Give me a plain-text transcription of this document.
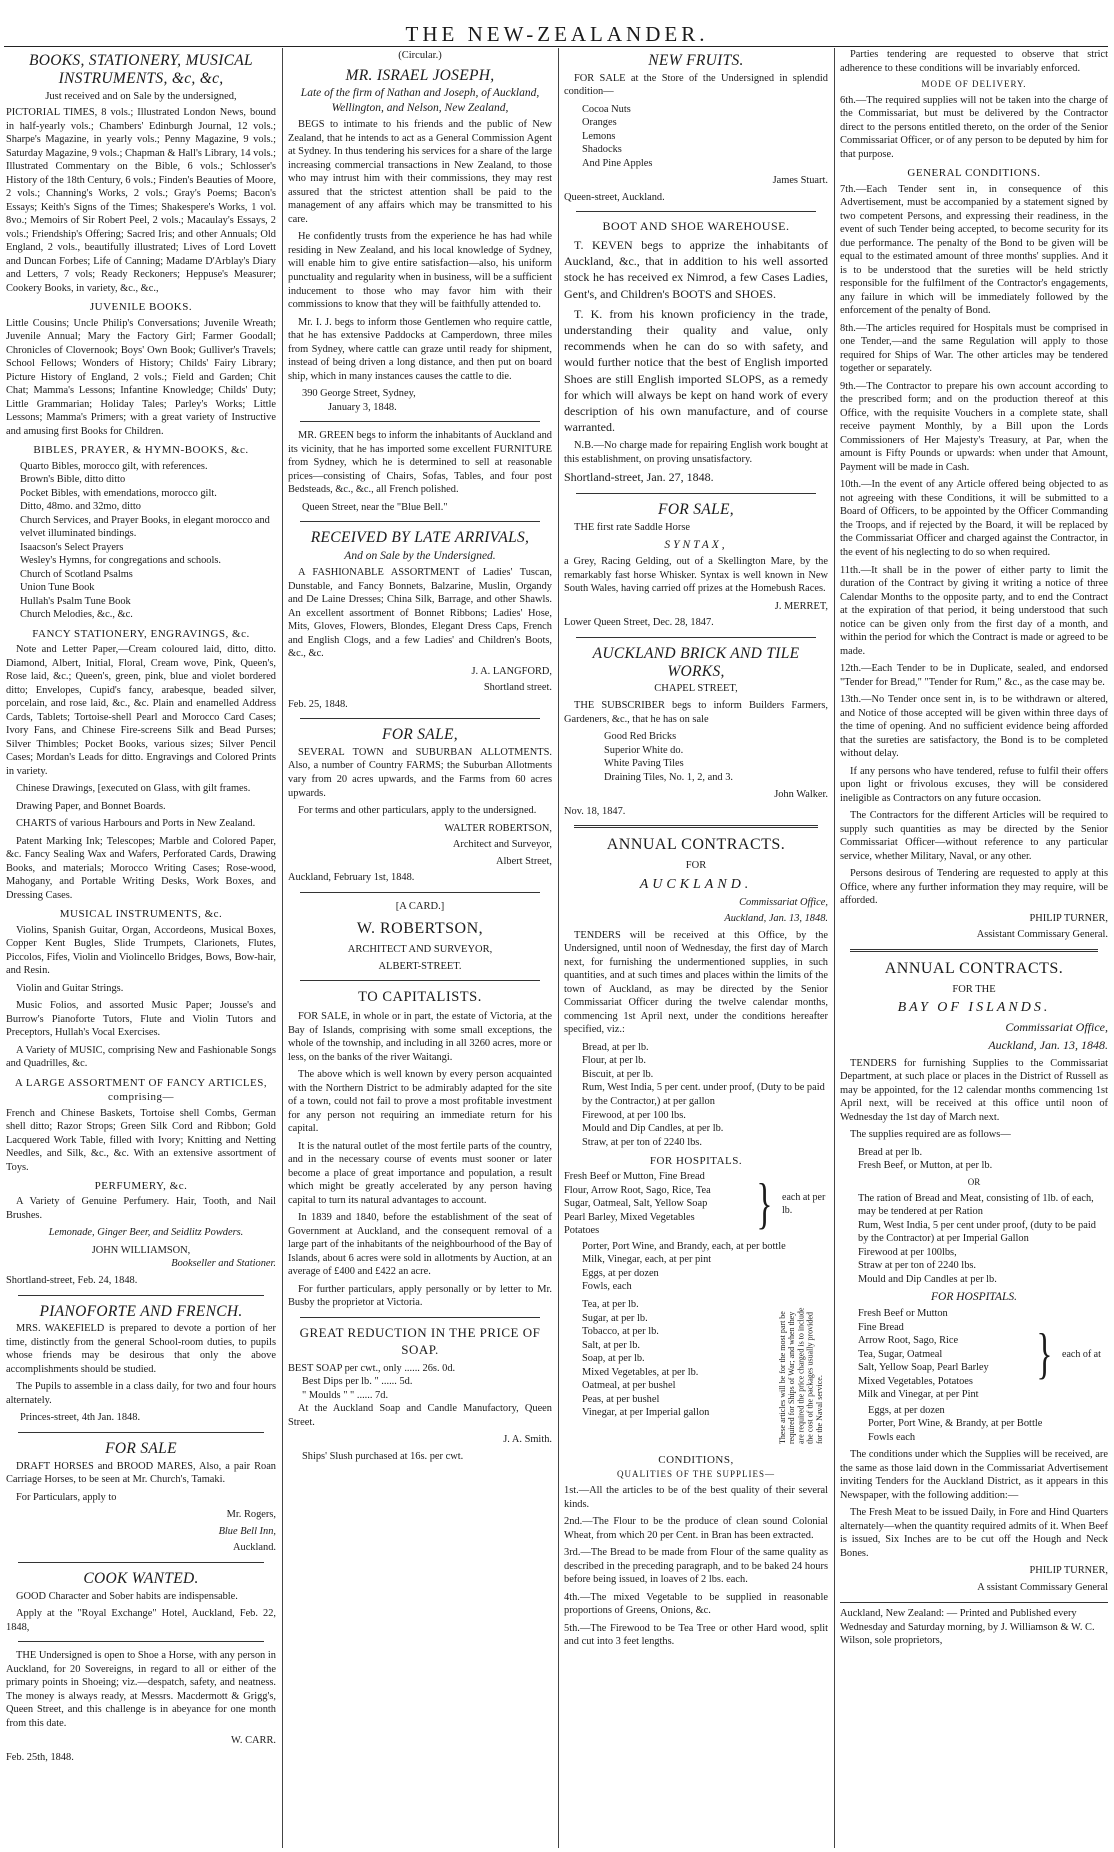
THE NEW-ZEALANDER.
BOOKS, STATIONERY, MUSICAL INSTRUMENTS, &c, &c,
Just received and on Sale by the undersigned,

PICTORIAL TIMES, 8 vols.; Illustrated London News, bound in half-yearly vols.; Chambers' Edinburgh Journal, 12 vols.; Sharpe's Magazine, in yearly vols.; Penny Magazine, 9 vols.; Saturday Magazine, 9 vols.; Chapman & Hall's Library, 14 vols.; Illustrated Commentary on the Bible, 6 vols.; Schlosser's History of the 18th Century, 6 vols.; Finden's Beauties of Moore, 2 vols.; Channing's Works, 2 vols.; Gray's Poems; Bacon's Essays; Keith's Signs of the Times; Shakespere's Works, 1 vol. 8vo.; Memoirs of Sir Robert Peel, 2 vols.; Macaulay's Essays, 2 vols.; Friendship's Offering; Sacred Iris; and other Annuals; Old England, 2 vols., beautifully illustrated; Lives of Lord Lovett and Duncan Forbes; Life of Canning; Madame D'Arblay's Diary and Letters, 7 vols; Ready Reckoners; Heppuse's Measurer; Cookery Books, in variety, &c., &c.,

JUVENILE BOOKS.

Little Cousins; Uncle Philip's Conversations; Juvenile Wreath; Juvenile Annual; Mary the Factory Girl; Farmer Goodall; Chronicles of Clovernook; Boys' Own Book; Gulliver's Travels; School Fellows; Wonders of History; Childs' Fairy Library; Picture History of England, 2 vols.; Field and Garden; Chit Chat; Mamma's Lessons; Infantine Knowledge; Childs' Duty; Little Grammarian; Holiday Tales; Parley's Works; Little Lessons; Mamma's Primers; with a great variety of Instructive and amusing first Books for Children.

BIBLES, PRAYER, & HYMN-BOOKS, &c.
Quarto Bibles, morocco gilt, with references.
Brown's Bible, ditto ditto
Pocket Bibles, with emendations, morocco gilt.
Ditto, 48mo. and 32mo, ditto
Church Services, and Prayer Books, in elegant morocco and velvet illuminated bindings.
Isaacson's Select Prayers
Wesley's Hymns, for congregations and schools.
Church of Scotland Psalms
Union Tune Book
Hullah's Psalm Tune Book
Church Melodies, &c., &c.
FANCY STATIONERY, ENGRAVINGS, &c.

Note and Letter Paper,—Cream coloured laid, ditto, ditto. Diamond, Albert, Initial, Floral, Cream wove, Pink, Queen's, Rose laid, &c.; Queen's, green, pink, blue and violet bordered ditto; Envelopes, Cupid's fancy, arabesque, beaded silver, porcelain, and rose laid, &c., &c. Plain and enamelled Address Cards, Tablets; Tortoise-shell Pearl and Morocco Card Cases; Ivory Fans, and Chinese Fire-screens Silk and Bead Purses; Silver Thimbles; Pocket Books, various sizes; Silver Pencil Cases; Mordan's Leads for ditto. Engravings and Colored Prints in variety.

Chinese Drawings, [executed on Glass, with gilt frames.

Drawing Paper, and Bonnet Boards.

CHARTS of various Harbours and Ports in New Zealand.

Patent Marking Ink; Telescopes; Marble and Colored Paper, &c. Fancy Sealing Wax and Wafers, Perforated Cards, Drawing Books, and materials; Morocco Writing Cases; Rose-wood, Mahogany, and Portable Writing Desks, Work Boxes, and Dressing Cases.

MUSICAL INSTRUMENTS, &c.

Violins, Spanish Guitar, Organ, Accordeons, Musical Boxes, Copper Kent Bugles, Slide Trumpets, Clarionets, Flutes, Piccolos, Fifes, Violin and Violincello Bridges, Bows, Bow-hair, and Resin.

Violin and Guitar Strings.

Music Folios, and assorted Music Paper; Jousse's and Burrow's Pianoforte Tutors, Flute and Violin Tutors and Preceptors, Hullah's Vocal Exercises.

A Variety of MUSIC, comprising New and Fashionable Songs and Quadrilles, &c.

A LARGE ASSORTMENT OF FANCY ARTICLES, comprising—

French and Chinese Baskets, Tortoise shell Combs, German shell ditto; Razor Strops; Green Silk Cord and Ribbon; Gold Lacquered Work Table, filled with Ivory; Knitting and Netting Needles, and Silk, &c., &c. With an extensive assortment of Toys.

PERFUMERY, &c.

A Variety of Genuine Perfumery. Hair, Tooth, and Nail Brushes.

Lemonade, Ginger Beer, and Seidlitz Powders.

JOHN WILLIAMSON,
Bookseller and Stationer.
Shortland-street, Feb. 24, 1848.
PIANOFORTE AND FRENCH.

MRS. WAKEFIELD is prepared to devote a portion of her time, distinctly from the general School-room duties, to pupils whose friends may be desirous that only the above accomplishments should be studied.

The Pupils to assemble in a class daily, for two and four hours alternately.

Princes-street, 4th Jan. 1848.
FOR SALE

DRAFT HORSES and BROOD MARES, Also, a pair Roan Carriage Horses, to be seen at Mr. Church's, Tamaki.

For Particulars, apply to

Mr. Rogers,
Blue Bell Inn,
Auckland.
COOK WANTED.

GOOD Character and Sober habits are indispensable.

Apply at the "Royal Exchange" Hotel, Auckland, Feb. 22, 1848,

THE Undersigned is open to Shoe a Horse, with any person in Auckland, for 20 Sovereigns, in regard to all or either of the primary points in Shoeing; viz.—despatch, safety, and neatness. The money is always ready, at Messrs. Macdermott & Grigg's, Queen Street, and this challenge is in abeyance for one month from this date.

W. CARR.
Feb. 25th, 1848.
(Circular.)
MR. ISRAEL JOSEPH,
Late of the firm of Nathan and Joseph, of Auckland, Wellington, and Nelson, New Zealand,

BEGS to intimate to his friends and the public of New Zealand, that he intends to act as a General Commission Agent at Sydney. In thus tendering his services for a share of the large increasing commercial transactions in New Zealand, to those who may intrust him with their commissions, they may rest assured that the strictest attention shall be paid to the management of any affairs which may be transmitted to his care.

He confidently trusts from the experience he has had while residing in New Zealand, and his local knowledge of Sydney, will enable him to give entire satisfaction—also, his uniform punctuality and regularity when in business, will be a sufficient inducement to those who may favor him with their commissions to know that they will be faithfully attended to.

Mr. I. J. begs to inform those Gentlemen who require cattle, that he has extensive Paddocks at Camperdown, three miles from Sydney, where cattle can graze until ready for shipment, instead of being driven a long distance, and then put on board ship, which in many instances causes the cattle to die.

390 George Street, Sydney,
January 3, 1848.

MR. GREEN begs to inform the inhabitants of Auckland and its vicinity, that he has imported some excellent FURNITURE from Sydney, which he is determined to sell at reasonable prices—consisting of Chairs, Sofas, Tables, and four post Bedsteads, &c., &c., all French polished.

Queen Street, near the "Blue Bell."
RECEIVED BY LATE ARRIVALS,
And on Sale by the Undersigned.

A FASHIONABLE ASSORTMENT of Ladies' Tuscan, Dunstable, and Fancy Bonnets, Balzarine, Muslin, Organdy and De Laine Dresses; China Silk, Barrage, and other Shawls. An excellent assortment of Bonnet Ribbons; Ladies' Hose, Mits, Gloves, Flowers, Blondes, Elegant Dress Caps, French and English Clogs, and a few Ladies' and Children's Boots, &c., &c.

J. A. LANGFORD,
Shortland street.
Feb. 25, 1848.
FOR SALE,

SEVERAL TOWN and SUBURBAN ALLOTMENTS. Also, a number of Country FARMS; the Suburban Allotments vary from 20 acres upwards, and the Farms from 60 acres upwards.

For terms and other particulars, apply to the undersigned.

WALTER ROBERTSON,
Architect and Surveyor,
Albert Street,
Auckland, February 1st, 1848.
[A CARD.]
W. ROBERTSON,
ARCHITECT AND SURVEYOR,
ALBERT-STREET.
TO CAPITALISTS.

FOR SALE, in whole or in part, the estate of Victoria, at the Bay of Islands, comprising with some small exceptions, the whole of the township, and including in all 3260 acres, more or less, on the banks of the river Waitangi.

The above which is well known by every person acquainted with the Northern District to be admirably adapted for the site of a town, could not fail to prove a most profitable investment for any person not requiring an immediate return for his capital.

It is the natural outlet of the most fertile parts of the country, and in the necessary course of events must sooner or later become a place of great importance and population, a result which might be greatly accelerated by any person having capital to turn its natural advantages to account.

In 1839 and 1840, before the establishment of the seat of Government at Auckland, and the consequent removal of a large part of the inhabitants of the neighbourhood of the Bay of Islands, about 6 acres were sold in allotments by Auction, at an average of £400 and £422 an acre.

For further particulars, apply personally or by letter to Mr. Busby the proprietor at Victoria.

GREAT REDUCTION IN THE PRICE OF SOAP.
BEST SOAP per cwt., only ...... 26s. 0d.
Best Dips per lb. " ...... 5d.
" Moulds " " ...... 7d.

At the Auckland Soap and Candle Manufactory, Queen Street.

J. A. Smith.
Ships' Slush purchased at 16s. per cwt.
NEW FRUITS.

FOR SALE at the Store of the Undersigned in splendid condition—

Cocoa Nuts
Oranges
Lemons
Shadocks
And Pine Apples
James Stuart.
Queen-street, Auckland.
BOOT AND SHOE WAREHOUSE.

T. KEVEN begs to apprize the inhabitants of Auckland, &c., that in addition to his well assorted stock he has received ex Nimrod, a few Cases Ladies, Gent's, and Children's BOOTS and SHOES.

T. K. from his known proficiency in the trade, understanding their quality and value, only recommends when he can do so with safety, and would further notice that the best of English imported Shoes are still English imported SLOPS, as a remedy for which will always be kept on hand work of every description of his own manufacture, and of course warranted.

N.B.—No charge made for repairing English work bought at this establishment, on proving unsatisfactory.

Shortland-street, Jan. 27, 1848.
FOR SALE,

THE first rate Saddle Horse

SYNTAX,

a Grey, Racing Gelding, out of a Skellington Mare, by the remarkably fast horse Whisker. Syntax is well known in New South Wales, having carried off prizes at the Homebush Races.

J. MERRET,
Lower Queen Street, Dec. 28, 1847.
AUCKLAND BRICK AND TILE WORKS,
CHAPEL STREET,

THE SUBSCRIBER begs to inform Builders Farmers, Gardeners, &c., that he has on sale

Good Red Bricks
Superior White do.
White Paving Tiles
Draining Tiles, No. 1, 2, and 3.
John Walker.
Nov. 18, 1847.
ANNUAL CONTRACTS.
FOR
AUCKLAND.
Commissariat Office,
Auckland, Jan. 13, 1848.

TENDERS will be received at this Office, by the Undersigned, until noon of Wednesday, the first day of March next, for furnishing the undermentioned supplies, in such quantities, and at such times and places within the limits of the town of Auckland, as may be directed by the Senior Commissariat Officer during the twelve calendar months, commencing 1st April next, under the conditions hereafter specified, viz.:

Bread, at per lb.
Flour, at per lb.
Biscuit, at per lb.
Rum, West India, 5 per cent. under proof, (Duty to be paid by the Contractor,) at per gallon
Firewood, at per 100 lbs.
Mould and Dip Candles, at per lb.
Straw, at per ton of 2240 lbs.
FOR HOSPITALS.
Fresh Beef or Mutton, Fine Bread
Flour, Arrow Root, Sago, Rice, Tea
Sugar, Oatmeal, Salt, Yellow Soap
Pearl Barley, Mixed Vegetables
Potatoes	} each at per lb.
Porter, Port Wine, and Brandy, each, at per bottle
Milk, Vinegar, each, at per pint
Eggs, at per dozen
Fowls, each
Tea, at per lb.
Sugar, at per lb.
Tobacco, at per lb.
Salt, at per lb.
Soap, at per lb.
Mixed Vegetables, at per lb.
Oatmeal, at per bushel
Peas, at per bushel
Vinegar, at per Imperial gallon	These articles will be for the most part be required for Ships of War; and when they are required the price charged is to include the cost of the packages usually provided for the Naval service.
CONDITIONS,
QUALITIES OF THE SUPPLIES—

1st.—All the articles to be of the best quality of their several kinds.

2nd.—The Flour to be the produce of clean sound Colonial Wheat, from which 20 per Cent. in Bran has been extracted.

3rd.—The Bread to be made from Flour of the same quality as described in the preceding paragraph, and to be baked 24 hours before being issued, in loaves of 2 lbs. each.

4th.—The mixed Vegetable to be supplied in reasonable proportions of Greens, Onions, &c.

5th.—The Firewood to be Tea Tree or other Hard wood, split and cut into 3 feet lengths.

Parties tendering are requested to observe that strict adherence to these conditions will be invariably enforced.

MODE OF DELIVERY.

6th.—The required supplies will not be taken into the charge of the Commissariat, but must be delivered by the Contractor direct to the persons entitled thereto, on the order of the Senior Commissariat Officer, or of any person to be deputed by him for that purpose.

GENERAL CONDITIONS.

7th.—Each Tender sent in, in consequence of this Advertisement, must be accompanied by a statement signed by two competent Persons, and expressing their readiness, in the event of such Tender being accepted, to become security for its due performance. The penalty of the Bond to be given will be equal to the estimated amount of three months' supplies. And it is to be understood that the sureties will be held strictly responsible for the fulfilment of the Contractor's engagements, any failure in which will be immediately followed by the enforcement of the penalty of Bond.

8th.—The articles required for Hospitals must be comprised in one Tender,—and the same Regulation will apply to those required for Ships of War. The other articles may be tendered together or separately.

9th.—The Contractor to prepare his own account according to the prescribed form; and on the production thereof at this Office, with the requisite Vouchers in a complete state, shall receive payment Monthly, by a Bill upon the Lords Commissioners of Her Majesty's Treasury, at Par, when the amount is Fifty Pounds or upwards: when under that Amount, Payment will be made in Cash.

10th.—In the event of any Article offered being objected to as not agreeing with these Conditions, it will be submitted to a Board of Officers, to be appointed by the Officer Commanding the Troops, and if rejected by the Board, it will be replaced by the Commissariat Officer and charged against the Contractor, in the event of his neglecting to do so when required.

11th.—It shall be in the power of either party to limit the duration of the Contract by giving it writing a notice of three Calendar Months to the opposite party, and to end the Contract at the expiration of that period, it being understood that such notice can be given only from the first day of a month, and within the period for which the Contract is made or agreed to be made.

12th.—Each Tender to be in Duplicate, sealed, and endorsed "Tender for Bread," "Tender for Rum," &c., as the case may be.

13th.—No Tender once sent in, is to be withdrawn or altered, and Notice of those accepted will be given within three days of the time of opening. And no sufficient evidence being afforded that the sureties are satisfactory, the Bond is to be completed without delay.

If any persons who have tendered, refuse to fulfil their offers upon light or frivolous excuses, they will be considered ineligible as Contractors on any future occasion.

The Contractors for the different Articles will be required to supply such quantities as may be directed by the Senior Commissariat Officer—without reference to any particular service, whether Military, Naval, or any other.

Persons desirous of Tendering are requested to apply at this Office, where any further information they may require, will be afforded.

PHILIP TURNER,
Assistant Commissary General.
ANNUAL CONTRACTS.
FOR THE
BAY OF ISLANDS.
Commissariat Office,
Auckland, Jan. 13, 1848.

TENDERS for furnishing Supplies to the Commissariat Department, at such place or places in the District of Russell as may be appointed, for the 12 calendar months commencing 1st April next, will be received at this office until noon of Wednesday the 1st day of March next.

The supplies required are as follows—

Bread at per lb.
Fresh Beef, or Mutton, at per lb.
OR
The ration of Bread and Meat, consisting of 1lb. of each, may be tendered at per Ration
Rum, West India, 5 per cent under proof, (duty to be paid by the Contractor) at per Imperial Gallon
Firewood at per 100lbs,
Straw at per ton of 2240 lbs.
Mould and Dip Candles at per lb.
FOR HOSPITALS.
Fresh Beef or Mutton
Fine Bread
Arrow Root, Sago, Rice
Tea, Sugar, Oatmeal
Salt, Yellow Soap, Pearl Barley
Mixed Vegetables, Potatoes
Milk and Vinegar, at per Pint
} each of at
Eggs, at per dozen
Porter, Port Wine, & Brandy, at per Bottle
Fowls each

The conditions under which the Supplies will be received, are the same as those laid down in the Commissariat Advertisement inviting Tenders for the Auckland District, as it appears in this Newspaper, with the following addition:—

The Fresh Meat to be issued Daily, in Fore and Hind Quarters alternately—when the quantity required admits of it. When Beef is issued, Six Inches are to be cut off the Hough and Neck Bones.

PHILIP TURNER,
A ssistant Commissary General
Auckland, New Zealand: — Printed and Published every Wednesday and Saturday morning, by J. Williamson & W. C. Wilson, sole proprietors,
